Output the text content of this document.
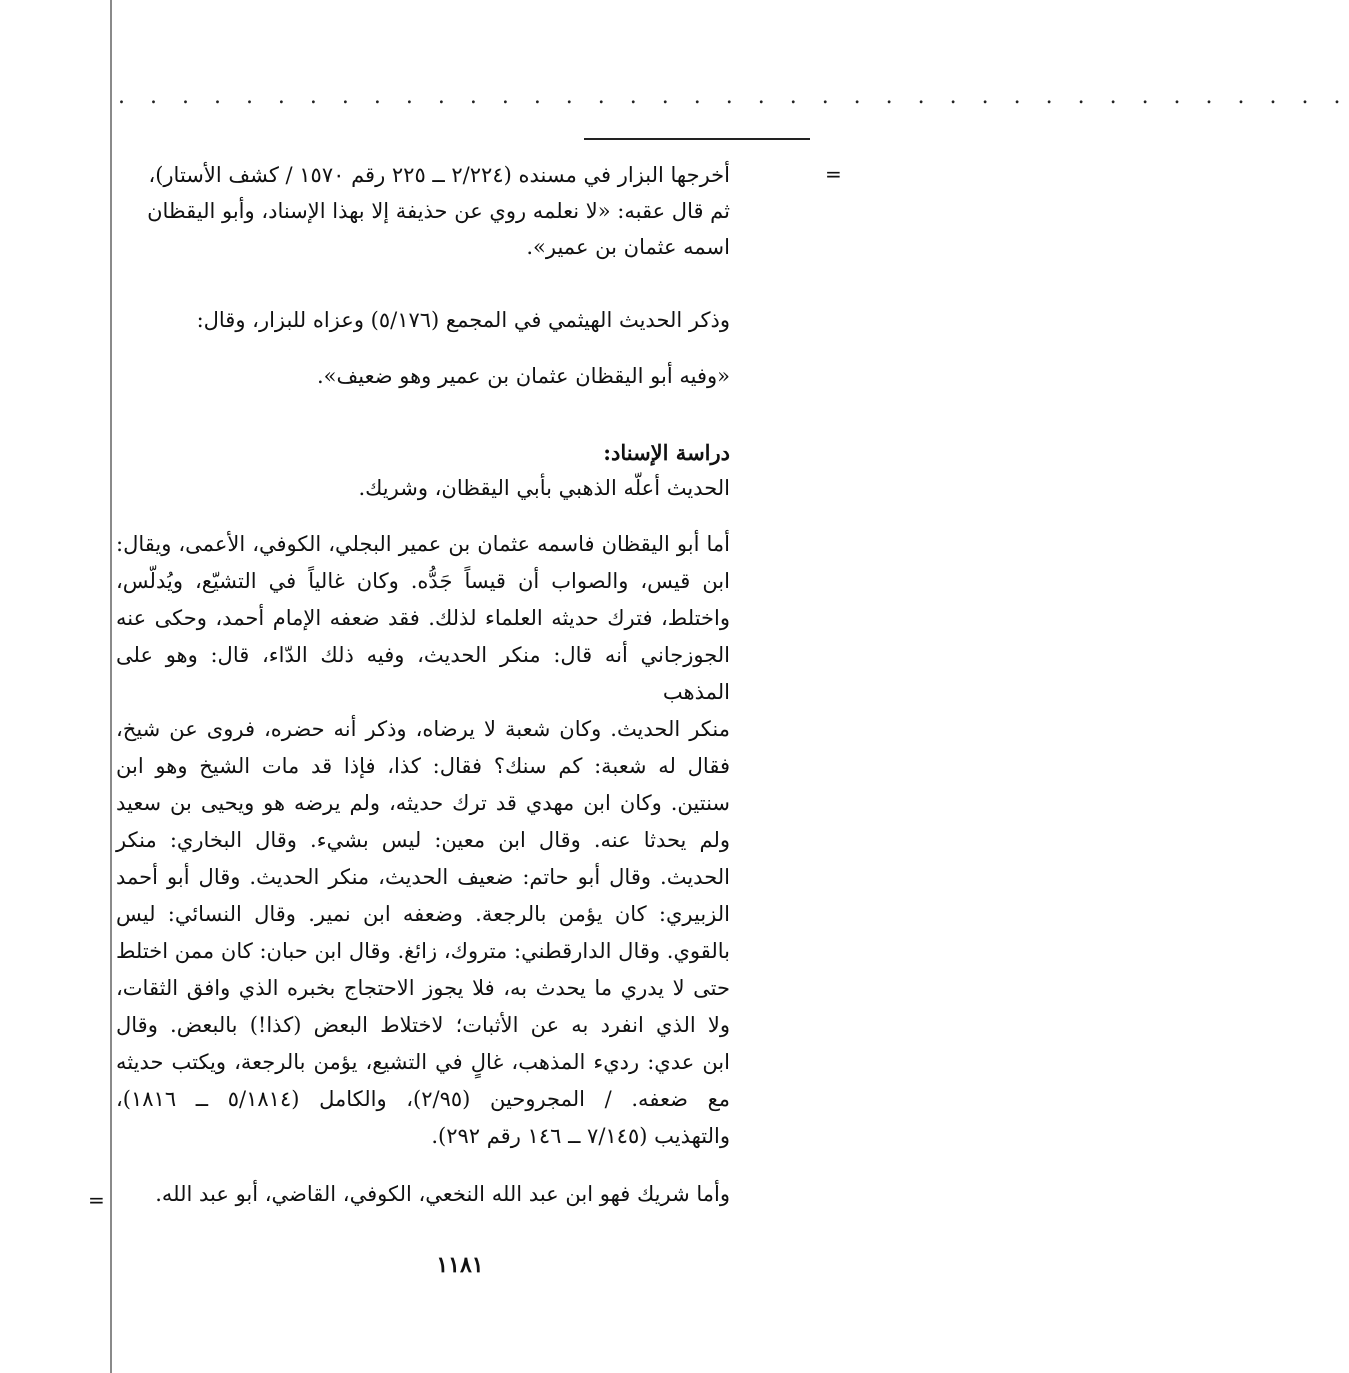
. . . . . . . . . . . . . . . . . . . . . . . . . . . . . . . . . . . . . . .
=
أخرجها البزار في مسنده (٢/٢٢٤ ــ ٢٢٥ رقم ١٥٧٠ / كشف الأستار)،
ثم قال عقبه: «لا نعلمه روي عن حذيفة إلا بهذا الإسناد، وأبو اليقظان
اسمه عثمان بن عمير».
وذكر الحديث الهيثمي في المجمع (٥/١٧٦) وعزاه للبزار، وقال:
«وفيه أبو اليقظان عثمان بن عمير وهو ضعيف».
دراسة الإسناد:
الحديث أعلّه الذهبي بأبي اليقظان، وشريك.
أما أبو اليقظان فاسمه عثمان بن عمير البجلي، الكوفي، الأعمى، ويقال:
ابن قيس، والصواب أن قيساً جَدُّه. وكان غالياً في التشيّع، ويُدلّس،
واختلط، فترك حديثه العلماء لذلك. فقد ضعفه الإمام أحمد، وحكى عنه
الجوزجاني أنه قال: منكر الحديث، وفيه ذلك الدّاء، قال: وهو على المذهب
منكر الحديث. وكان شعبة لا يرضاه، وذكر أنه حضره، فروى عن شيخ،
فقال له شعبة: كم سنك؟ فقال: كذا، فإذا قد مات الشيخ وهو ابن
سنتين. وكان ابن مهدي قد ترك حديثه، ولم يرضه هو ويحيى بن سعيد
ولم يحدثا عنه. وقال ابن معين: ليس بشيء. وقال البخاري: منكر
الحديث. وقال أبو حاتم: ضعيف الحديث، منكر الحديث. وقال أبو أحمد
الزبيري: كان يؤمن بالرجعة. وضعفه ابن نمير. وقال النسائي: ليس
بالقوي. وقال الدارقطني: متروك، زائغ. وقال ابن حبان: كان ممن اختلط
حتى لا يدري ما يحدث به، فلا يجوز الاحتجاج بخبره الذي وافق الثقات،
ولا الذي انفرد به عن الأثبات؛ لاختلاط البعض (كذا!) بالبعض. وقال
ابن عدي: رديء المذهب، غالٍ في التشيع، يؤمن بالرجعة، ويكتب حديثه
مع ضعفه. / المجروحين (٢/٩٥)، والكامل (٥/١٨١٤ ــ ١٨١٦)،
والتهذيب (٧/١٤٥ ــ ١٤٦ رقم ٢٩٢).
وأما شريك فهو ابن عبد الله النخعي، الكوفي، القاضي، أبو عبد الله.
=
١١٨١
